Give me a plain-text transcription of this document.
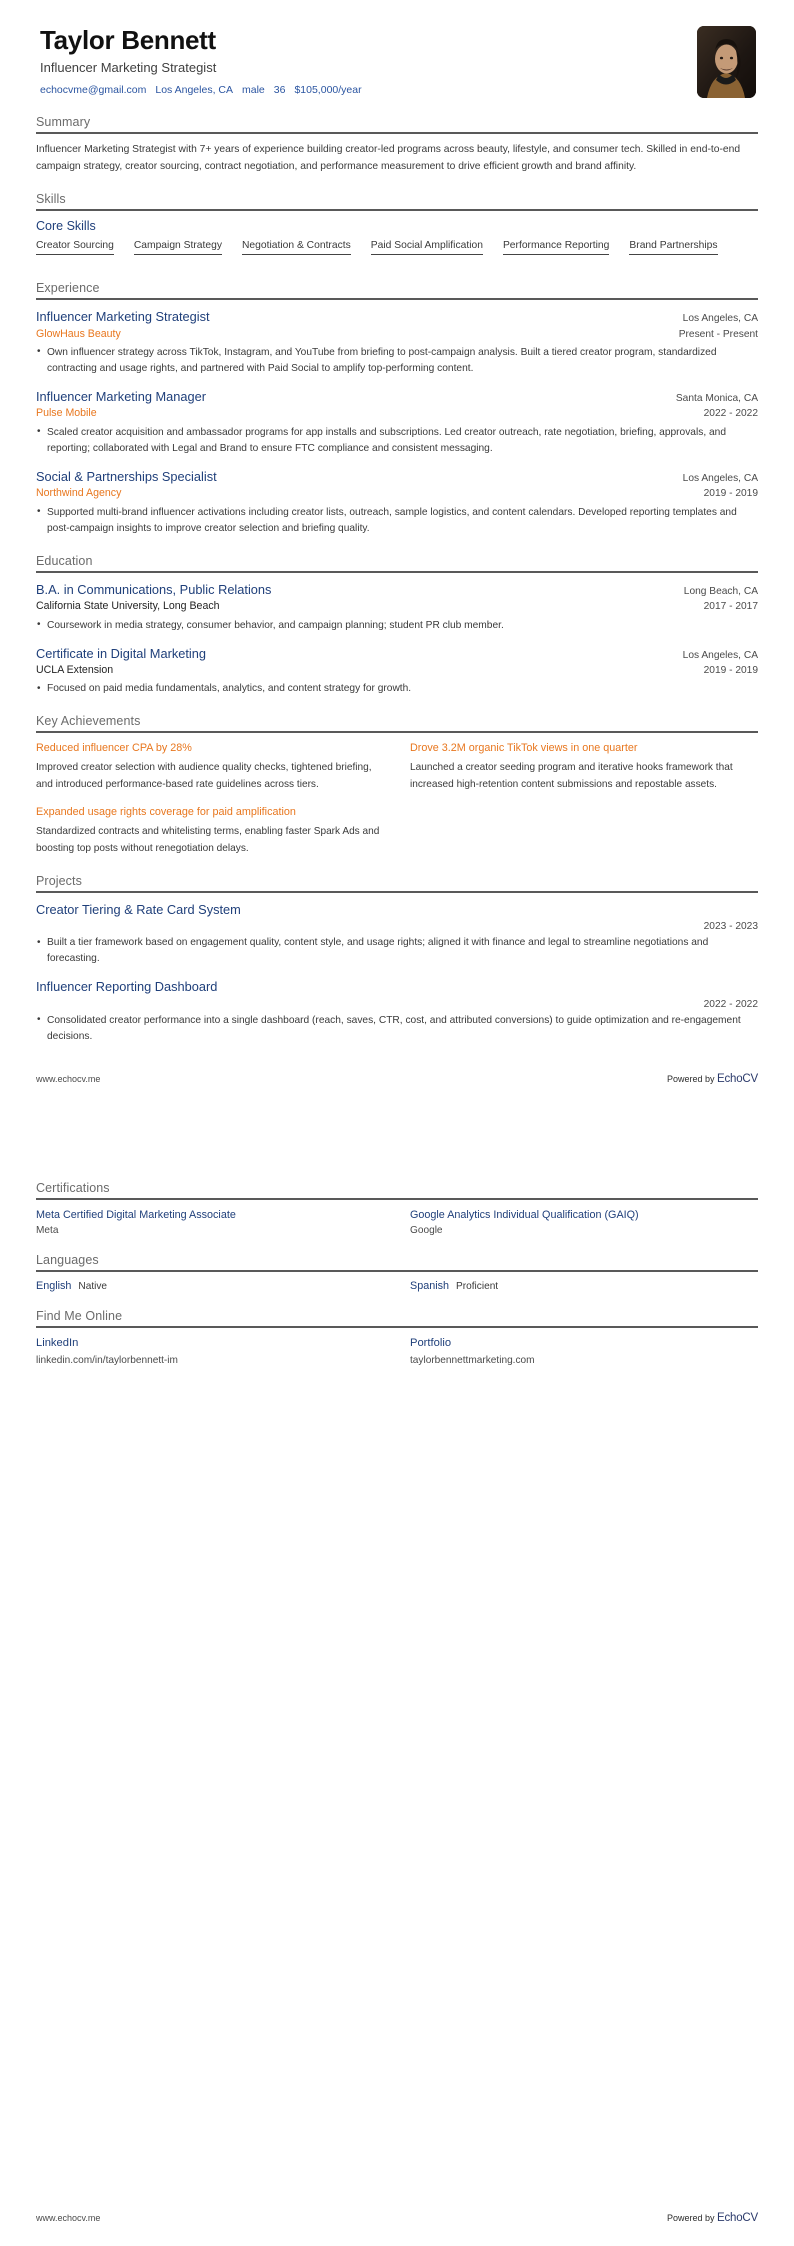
Taylor Bennett
Influencer Marketing Strategist
echocvme@gmail.com Los Angeles, CA male 36 $105,000/year
Summary
Influencer Marketing Strategist with 7+ years of experience building creator-led programs across beauty, lifestyle, and consumer tech. Skilled in end-to-end campaign strategy, creator sourcing, contract negotiation, and performance measurement to drive efficient growth and brand affinity.
Skills
Core Skills
Creator Sourcing Campaign Strategy Negotiation & Contracts Paid Social Amplification Performance Reporting Brand Partnerships
Experience
Influencer Marketing Strategist	Los Angeles, CA
GlowHaus Beauty	Present - Present
• Own influencer strategy across TikTok, Instagram, and YouTube from briefing to post-campaign analysis. Built a tiered creator program, standardized contracting and usage rights, and partnered with Paid Social to amplify top-performing content.
Influencer Marketing Manager	Santa Monica, CA
Pulse Mobile	2022 - 2022
• Scaled creator acquisition and ambassador programs for app installs and subscriptions. Led creator outreach, rate negotiation, briefing, approvals, and reporting; collaborated with Legal and Brand to ensure FTC compliance and consistent messaging.
Social & Partnerships Specialist	Los Angeles, CA
Northwind Agency	2019 - 2019
• Supported multi-brand influencer activations including creator lists, outreach, sample logistics, and content calendars. Developed reporting templates and post-campaign insights to improve creator selection and briefing quality.
Education
B.A. in Communications, Public Relations	Long Beach, CA
California State University, Long Beach	2017 - 2017
• Coursework in media strategy, consumer behavior, and campaign planning; student PR club member.
Certificate in Digital Marketing	Los Angeles, CA
UCLA Extension	2019 - 2019
• Focused on paid media fundamentals, analytics, and content strategy for growth.
Key Achievements
Reduced influencer CPA by 28%
Improved creator selection with audience quality checks, tightened briefing, and introduced performance-based rate guidelines across tiers.
Drove 3.2M organic TikTok views in one quarter
Launched a creator seeding program and iterative hooks framework that increased high-retention content submissions and repostable assets.
Expanded usage rights coverage for paid amplification
Standardized contracts and whitelisting terms, enabling faster Spark Ads and boosting top posts without renegotiation delays.
Projects
Creator Tiering & Rate Card System
2023 - 2023
• Built a tier framework based on engagement quality, content style, and usage rights; aligned it with finance and legal to streamline negotiations and forecasting.
Influencer Reporting Dashboard
2022 - 2022
• Consolidated creator performance into a single dashboard (reach, saves, CTR, cost, and attributed conversions) to guide optimization and re-engagement decisions.
www.echocv.me	Powered by EchoCV
Certifications
Meta Certified Digital Marketing Associate
Meta
Google Analytics Individual Qualification (GAIQ)
Google
Languages
English Native	Spanish Proficient
Find Me Online
LinkedIn
linkedin.com/in/taylorbennett-im
Portfolio
taylorbennettmarketing.com
www.echocv.me	Powered by EchoCV
